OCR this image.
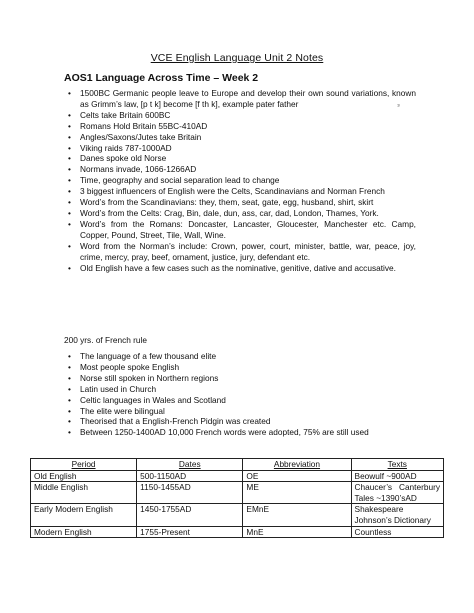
VCE English Language Unit 2 Notes
AOS1 Language Across Time – Week 2
₃
• 1500BC Germanic people leave to Europe and develop their own sound variations, known as Grimm’s law, [p t k] become [f th k], example pater father
• Celts take Britain 600BC
• Romans Hold Britain 55BC-410AD
• Angles/Saxons/Jutes take Britain
• Viking raids 787-1000AD
• Danes spoke old Norse
• Normans invade, 1066-1266AD
• Time, geography and social separation lead to change
• 3 biggest influencers of English were the Celts, Scandinavians and Norman French
• Word’s from the Scandinavians: they, them, seat, gate, egg, husband, shirt, skirt
• Word’s from the Celts: Crag, Bin, dale, dun, ass, car, dad, London, Thames, York.
• Word’s from the Romans: Doncaster, Lancaster, Gloucester, Manchester etc. Camp, Copper, Pound, Street, Tile, Wall, Wine.
• Word from the Norman’s include: Crown, power, court, minister, battle, war, peace, joy, crime, mercy, pray, beef, ornament, justice, jury, defendant etc.
• Old English have a few cases such as the nominative, genitive, dative and accusative.
200 yrs. of French rule
• The language of a few thousand elite
• Most people spoke English
• Norse still spoken in Northern regions
• Latin used in Church
• Celtic languages in Wales and Scotland
• The elite were bilingual
• Theorised that a English-French Pidgin was created
• Between 1250-1400AD 10,000 French words were adopted, 75% are still used
Period	Dates	Abbreviation	Texts
Old English	500-1150AD	OE	Beowulf ~900AD
Middle English	1150-1455AD	ME	Chaucer’s Canterbury Tales ~1390’sAD
Early Modern English	1450-1755AD	EMnE	Shakespeare Johnson’s Dictionary
Modern English	1755-Present	MnE	Countless
